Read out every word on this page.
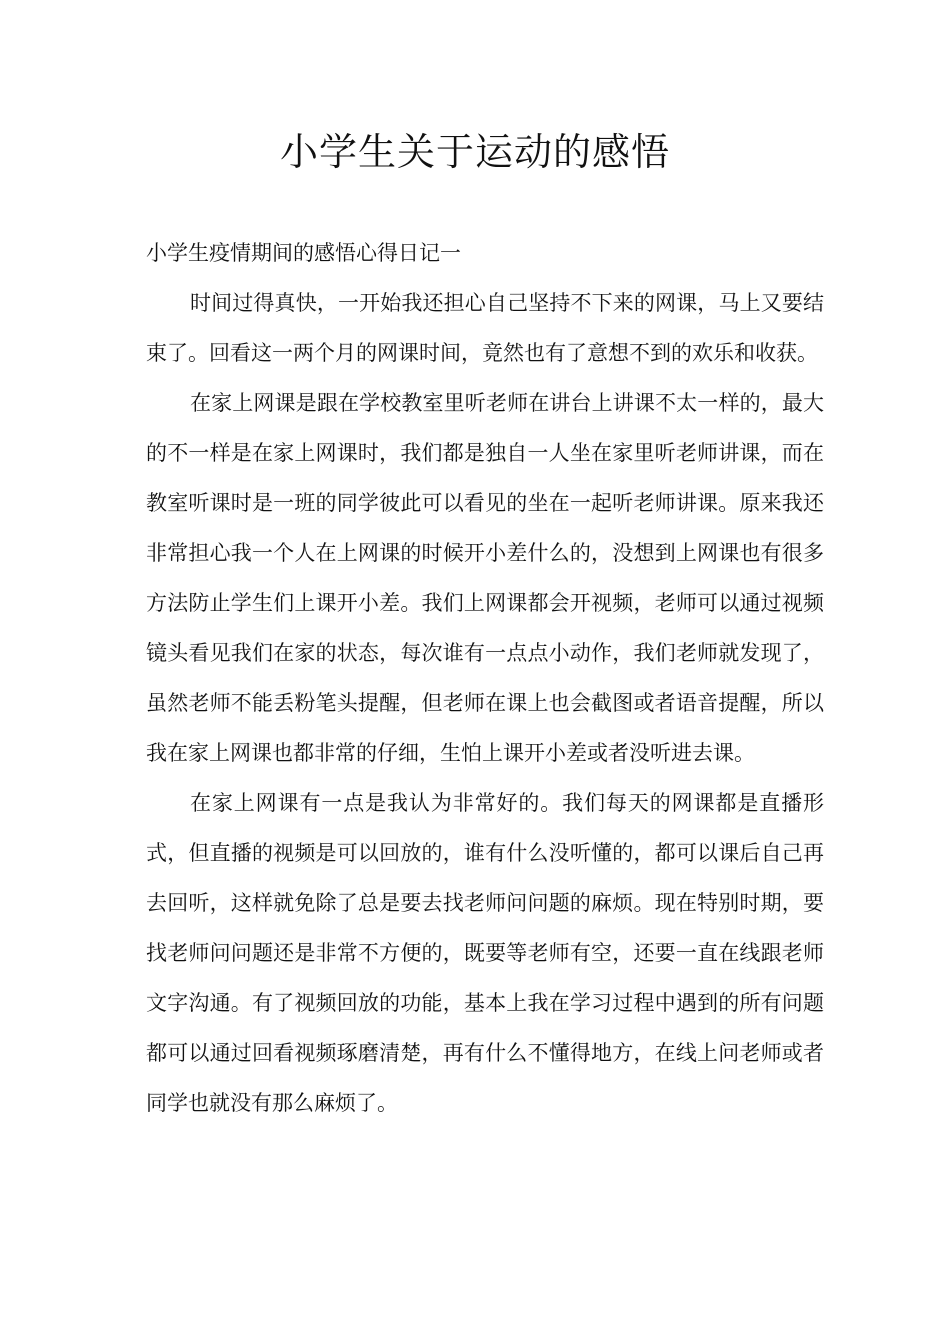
小学生关于运动的感悟

小学生疫情期间的感悟心得日记一

时间过得真快，一开始我还担心自己坚持不下来的网课，马上又要结束了。回看这一两个月的网课时间，竟然也有了意想不到的欢乐和收获。

在家上网课是跟在学校教室里听老师在讲台上讲课不太一样的，最大的不一样是在家上网课时，我们都是独自一人坐在家里听老师讲课，而在教室听课时是一班的同学彼此可以看见的坐在一起听老师讲课。原来我还非常担心我一个人在上网课的时候开小差什么的，没想到上网课也有很多方法防止学生们上课开小差。我们上网课都会开视频，老师可以通过视频镜头看见我们在家的状态，每次谁有一点点小动作，我们老师就发现了，虽然老师不能丢粉笔头提醒，但老师在课上也会截图或者语音提醒，所以我在家上网课也都非常的仔细，生怕上课开小差或者没听进去课。

在家上网课有一点是我认为非常好的。我们每天的网课都是直播形式，但直播的视频是可以回放的，谁有什么没听懂的，都可以课后自己再去回听，这样就免除了总是要去找老师问问题的麻烦。现在特别时期，要找老师问问题还是非常不方便的，既要等老师有空，还要一直在线跟老师文字沟通。有了视频回放的功能，基本上我在学习过程中遇到的所有问题都可以通过回看视频琢磨清楚，再有什么不懂得地方，在线上问老师或者同学也就没有那么麻烦了。
